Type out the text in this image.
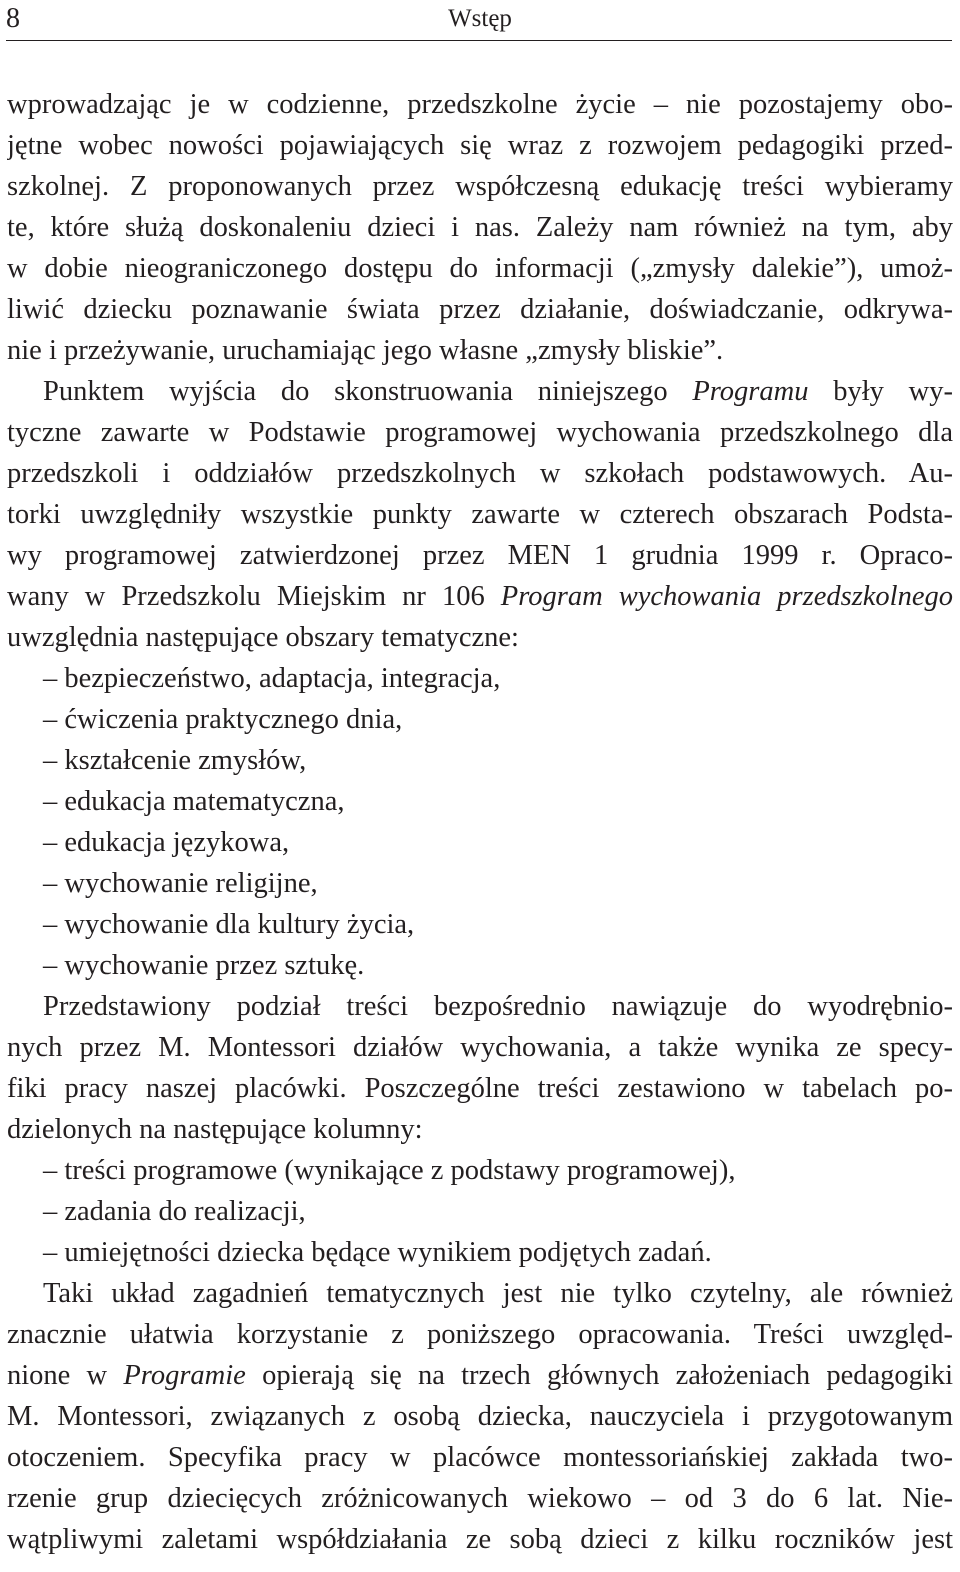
8	Wstęp
wprowadzając je w codzienne, przedszkolne życie – nie pozostajemy obo-
jętne wobec nowości pojawiających się wraz z rozwojem pedagogiki przed-
szkolnej. Z proponowanych przez współczesną edukację treści wybieramy
te, które służą doskonaleniu dzieci i nas. Zależy nam również na tym, aby
w dobie nieograniczonego dostępu do informacji („zmysły dalekie”), umoż-
liwić dziecku poznawanie świata przez działanie, doświadczanie, odkrywa-
nie i przeżywanie, uruchamiając jego własne „zmysły bliskie”.
Punktem wyjścia do skonstruowania niniejszego Programu były wy-
tyczne zawarte w Podstawie programowej wychowania przedszkolnego dla
przedszkoli i oddziałów przedszkolnych w szkołach podstawowych. Au-
torki uwzględniły wszystkie punkty zawarte w czterech obszarach Podsta-
wy programowej zatwierdzonej przez MEN 1 grudnia 1999 r. Opraco-
wany w Przedszkolu Miejskim nr 106 Program wychowania przedszkolnego
uwzględnia następujące obszary tematyczne:
– bezpieczeństwo, adaptacja, integracja,
– ćwiczenia praktycznego dnia,
– kształcenie zmysłów,
– edukacja matematyczna,
– edukacja językowa,
– wychowanie religijne,
– wychowanie dla kultury życia,
– wychowanie przez sztukę.
Przedstawiony podział treści bezpośrednio nawiązuje do wyodrębnio-
nych przez M. Montessori działów wychowania, a także wynika ze specy-
fiki pracy naszej placówki. Poszczególne treści zestawiono w tabelach po-
dzielonych na następujące kolumny:
– treści programowe (wynikające z podstawy programowej),
– zadania do realizacji,
– umiejętności dziecka będące wynikiem podjętych zadań.
Taki układ zagadnień tematycznych jest nie tylko czytelny, ale również
znacznie ułatwia korzystanie z poniższego opracowania. Treści uwzględ-
nione w Programie opierają się na trzech głównych założeniach pedagogiki
M. Montessori, związanych z osobą dziecka, nauczyciela i przygotowanym
otoczeniem. Specyfika pracy w placówce montessoriańskiej zakłada two-
rzenie grup dziecięcych zróżnicowanych wiekowo – od 3 do 6 lat. Nie-
wątpliwymi zaletami współdziałania ze sobą dzieci z kilku roczników jest
